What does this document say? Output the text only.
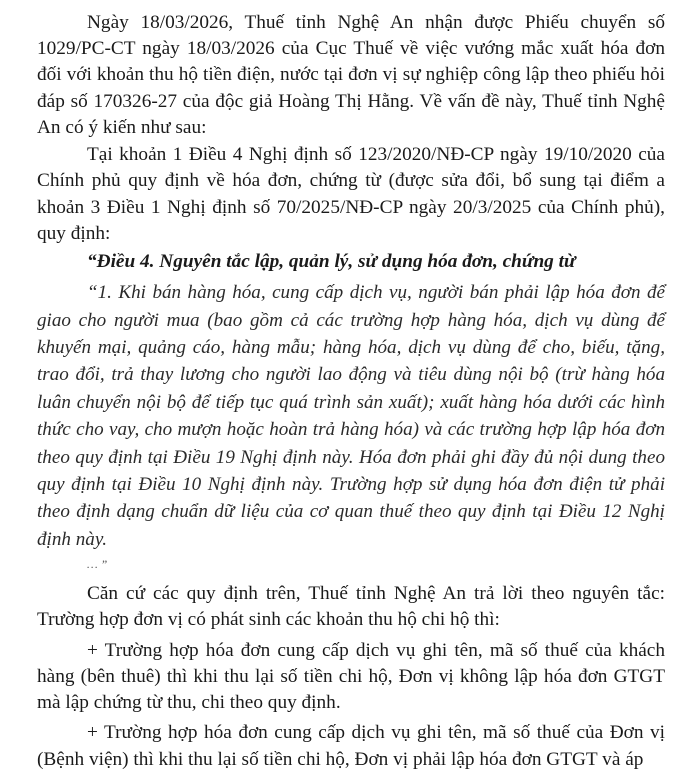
Ngày 18/03/2026, Thuế tỉnh Nghệ An nhận được Phiếu chuyển số 1029/PC-CT ngày 18/03/2026 của Cục Thuế về việc vướng mắc xuất hóa đơn đối với khoản thu hộ tiền điện, nước tại đơn vị sự nghiệp công lập theo phiếu hỏi đáp số 170326-27 của độc giả Hoàng Thị Hằng. Về vấn đề này, Thuế tỉnh Nghệ An có ý kiến như sau:

Tại khoản 1 Điều 4 Nghị định số 123/2020/NĐ-CP ngày 19/10/2020 của Chính phủ quy định về hóa đơn, chứng từ (được sửa đổi, bổ sung tại điểm a khoản 3 Điều 1 Nghị định số 70/2025/NĐ-CP ngày 20/3/2025 của Chính phủ), quy định:

“Điều 4. Nguyên tắc lập, quản lý, sử dụng hóa đơn, chứng từ

“1. Khi bán hàng hóa, cung cấp dịch vụ, người bán phải lập hóa đơn để giao cho người mua (bao gồm cả các trường hợp hàng hóa, dịch vụ dùng để khuyến mại, quảng cáo, hàng mẫu; hàng hóa, dịch vụ dùng để cho, biếu, tặng, trao đổi, trả thay lương cho người lao động và tiêu dùng nội bộ (trừ hàng hóa luân chuyển nội bộ để tiếp tục quá trình sản xuất); xuất hàng hóa dưới các hình thức cho vay, cho mượn hoặc hoàn trả hàng hóa) và các trường hợp lập hóa đơn theo quy định tại Điều 19 Nghị định này. Hóa đơn phải ghi đầy đủ nội dung theo quy định tại Điều 10 Nghị định này. Trường hợp sử dụng hóa đơn điện tử phải theo định dạng chuẩn dữ liệu của cơ quan thuế theo quy định tại Điều 12 Nghị định này.

… ”

Căn cứ các quy định trên, Thuế tỉnh Nghệ An trả lời theo nguyên tắc: Trường hợp đơn vị có phát sinh các khoản thu hộ chi hộ thì:

+ Trường hợp hóa đơn cung cấp dịch vụ ghi tên, mã số thuế của khách hàng (bên thuê) thì khi thu lại số tiền chi hộ, Đơn vị không lập hóa đơn GTGT mà lập chứng từ thu, chi theo quy định.

+ Trường hợp hóa đơn cung cấp dịch vụ ghi tên, mã số thuế của Đơn vị (Bệnh viện) thì khi thu lại số tiền chi hộ, Đơn vị phải lập hóa đơn GTGT và áp
